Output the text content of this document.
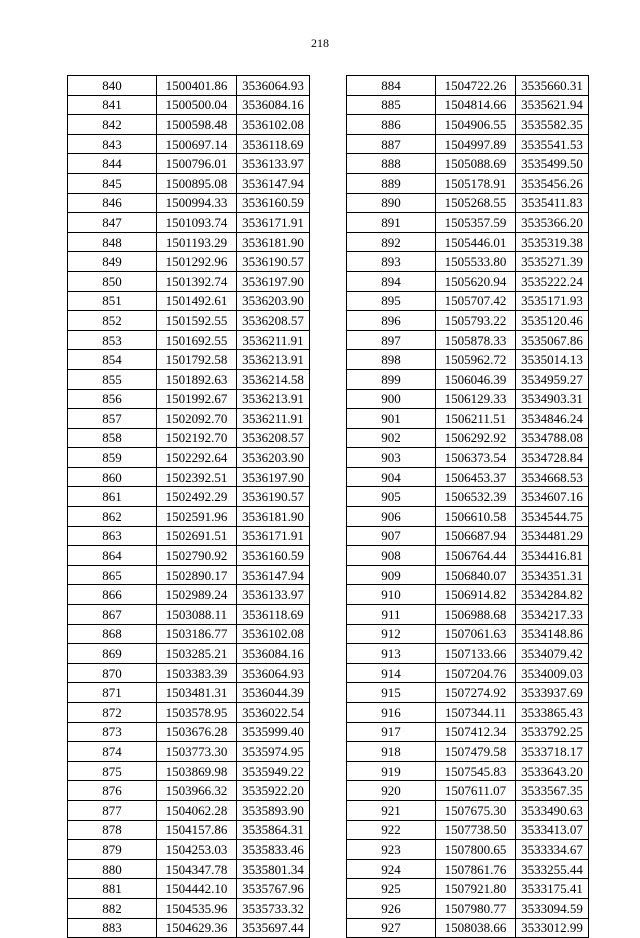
218
840	1500401.86	3536064.93
841	1500500.04	3536084.16
842	1500598.48	3536102.08
843	1500697.14	3536118.69
844	1500796.01	3536133.97
845	1500895.08	3536147.94
846	1500994.33	3536160.59
847	1501093.74	3536171.91
848	1501193.29	3536181.90
849	1501292.96	3536190.57
850	1501392.74	3536197.90
851	1501492.61	3536203.90
852	1501592.55	3536208.57
853	1501692.55	3536211.91
854	1501792.58	3536213.91
855	1501892.63	3536214.58
856	1501992.67	3536213.91
857	1502092.70	3536211.91
858	1502192.70	3536208.57
859	1502292.64	3536203.90
860	1502392.51	3536197.90
861	1502492.29	3536190.57
862	1502591.96	3536181.90
863	1502691.51	3536171.91
864	1502790.92	3536160.59
865	1502890.17	3536147.94
866	1502989.24	3536133.97
867	1503088.11	3536118.69
868	1503186.77	3536102.08
869	1503285.21	3536084.16
870	1503383.39	3536064.93
871	1503481.31	3536044.39
872	1503578.95	3536022.54
873	1503676.28	3535999.40
874	1503773.30	3535974.95
875	1503869.98	3535949.22
876	1503966.32	3535922.20
877	1504062.28	3535893.90
878	1504157.86	3535864.31
879	1504253.03	3535833.46
880	1504347.78	3535801.34
881	1504442.10	3535767.96
882	1504535.96	3535733.32
883	1504629.36	3535697.44
884	1504722.26	3535660.31
885	1504814.66	3535621.94
886	1504906.55	3535582.35
887	1504997.89	3535541.53
888	1505088.69	3535499.50
889	1505178.91	3535456.26
890	1505268.55	3535411.83
891	1505357.59	3535366.20
892	1505446.01	3535319.38
893	1505533.80	3535271.39
894	1505620.94	3535222.24
895	1505707.42	3535171.93
896	1505793.22	3535120.46
897	1505878.33	3535067.86
898	1505962.72	3535014.13
899	1506046.39	3534959.27
900	1506129.33	3534903.31
901	1506211.51	3534846.24
902	1506292.92	3534788.08
903	1506373.54	3534728.84
904	1506453.37	3534668.53
905	1506532.39	3534607.16
906	1506610.58	3534544.75
907	1506687.94	3534481.29
908	1506764.44	3534416.81
909	1506840.07	3534351.31
910	1506914.82	3534284.82
911	1506988.68	3534217.33
912	1507061.63	3534148.86
913	1507133.66	3534079.42
914	1507204.76	3534009.03
915	1507274.92	3533937.69
916	1507344.11	3533865.43
917	1507412.34	3533792.25
918	1507479.58	3533718.17
919	1507545.83	3533643.20
920	1507611.07	3533567.35
921	1507675.30	3533490.63
922	1507738.50	3533413.07
923	1507800.65	3533334.67
924	1507861.76	3533255.44
925	1507921.80	3533175.41
926	1507980.77	3533094.59
927	1508038.66	3533012.99
